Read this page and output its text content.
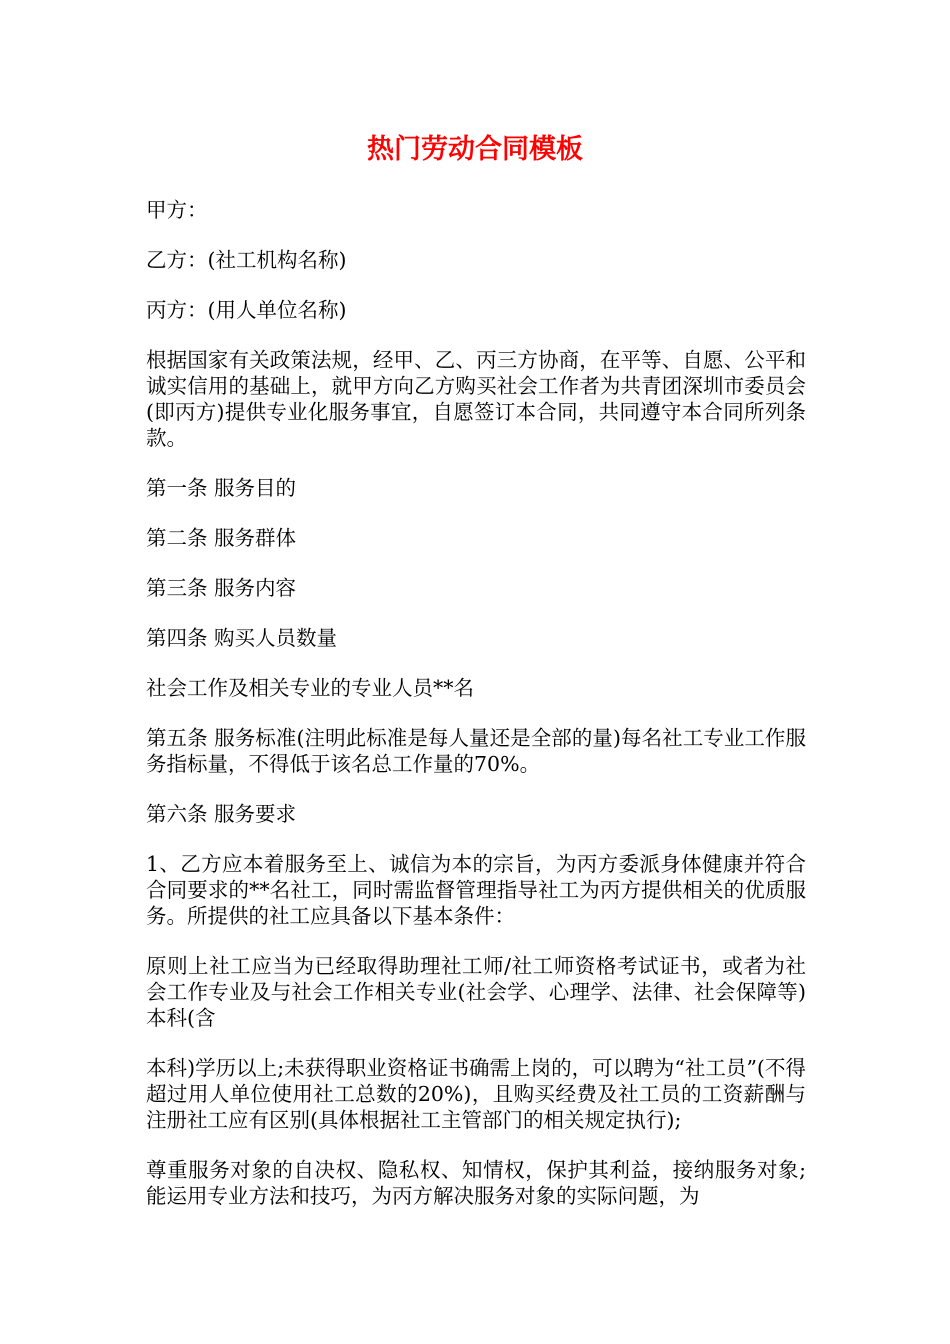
热门劳动合同模板

甲方：

乙方：(社工机构名称)

丙方：(用人单位名称)

根据国家有关政策法规，经甲、乙、丙三方协商，在平等、自愿、公平和诚实信用的基础上，就甲方向乙方购买社会工作者为共青团深圳市委员会(即丙方)提供专业化服务事宜，自愿签订本合同，共同遵守本合同所列条款。

第一条 服务目的

第二条 服务群体

第三条 服务内容

第四条 购买人员数量

社会工作及相关专业的专业人员**名

第五条 服务标准(注明此标准是每人量还是全部的量)每名社工专业工作服务指标量，不得低于该名总工作量的70%。

第六条 服务要求

1、乙方应本着服务至上、诚信为本的宗旨，为丙方委派身体健康并符合合同要求的**名社工，同时需监督管理指导社工为丙方提供相关的优质服务。所提供的社工应具备以下基本条件：

原则上社工应当为已经取得助理社工师/社工师资格考试证书，或者为社会工作专业及与社会工作相关专业(社会学、心理学、法律、社会保障等)本科(含

本科)学历以上;未获得职业资格证书确需上岗的，可以聘为“社工员”(不得超过用人单位使用社工总数的20%)，且购买经费及社工员的工资薪酬与注册社工应有区别(具体根据社工主管部门的相关规定执行);

尊重服务对象的自决权、隐私权、知情权，保护其利益，接纳服务对象;能运用专业方法和技巧，为丙方解决服务对象的实际问题，为
